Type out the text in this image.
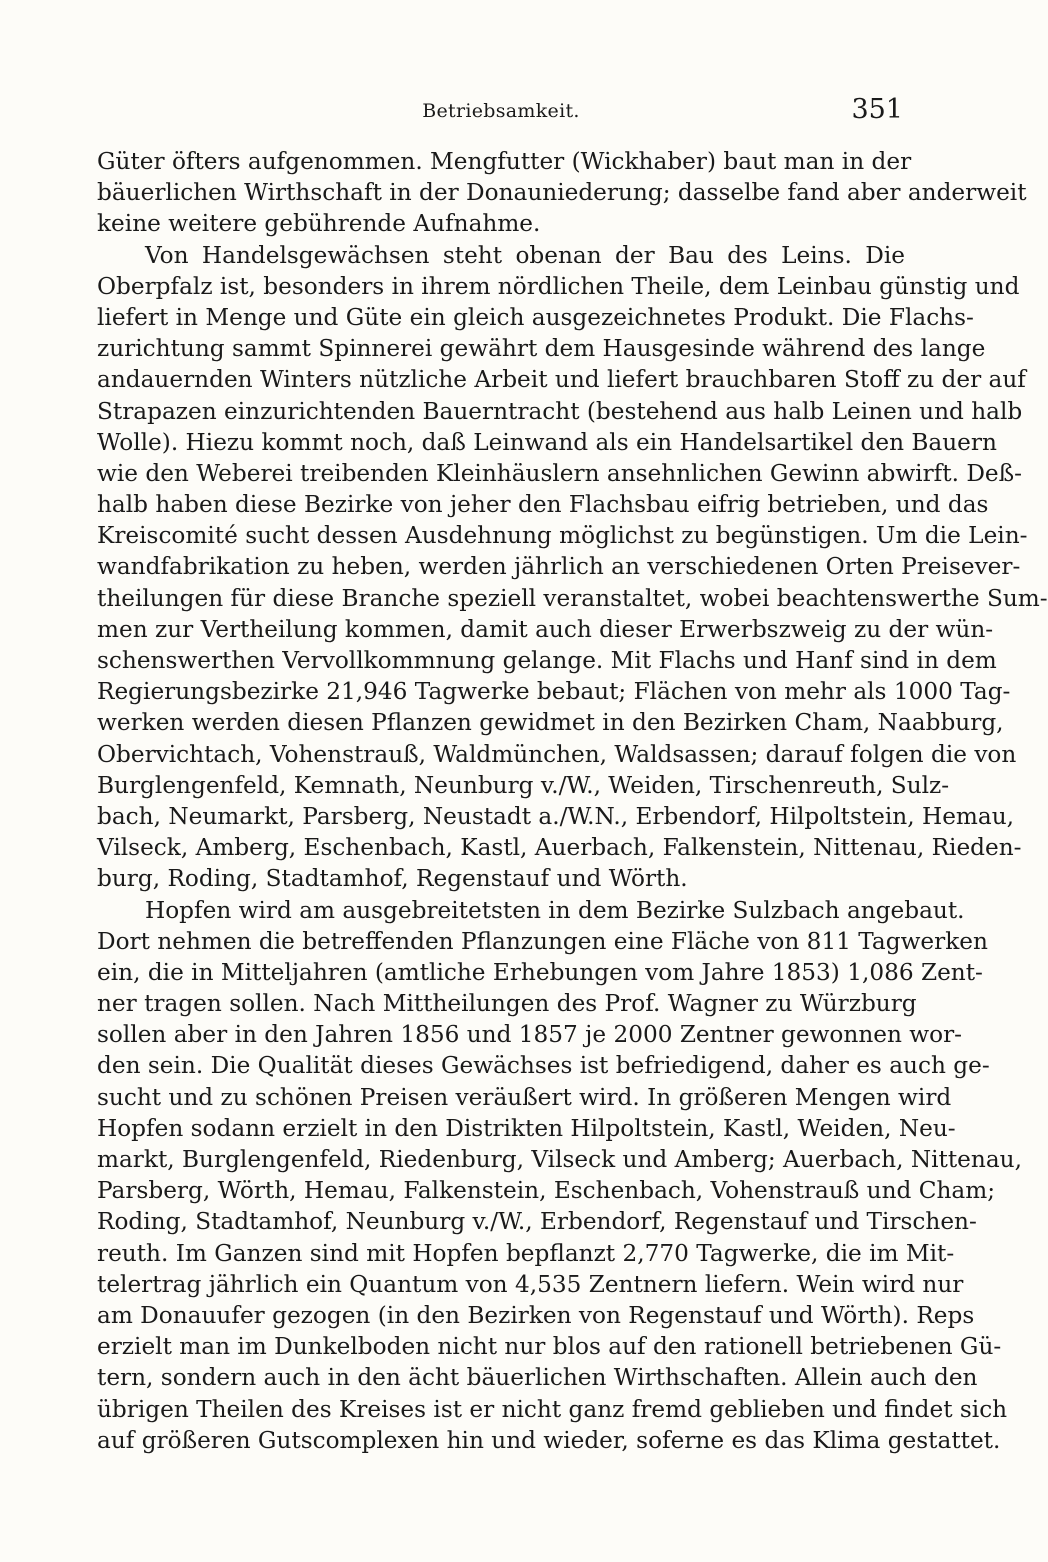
Betriebsamkeit.	351
Güter öfters aufgenommen. Mengfutter (Wickhaber) baut man in der
bäuerlichen Wirthschaft in der Donauniederung; dasselbe fand aber anderweit
keine weitere gebührende Aufnahme.
Von Handelsgewächsen steht obenan der Bau des Leins. Die
Oberpfalz ist, besonders in ihrem nördlichen Theile, dem Leinbau günstig und
liefert in Menge und Güte ein gleich ausgezeichnetes Produkt. Die Flachs-
zurichtung sammt Spinnerei gewährt dem Hausgesinde während des lange
andauernden Winters nützliche Arbeit und liefert brauchbaren Stoff zu der auf
Strapazen einzurichtenden Bauerntracht (bestehend aus halb Leinen und halb
Wolle). Hiezu kommt noch, daß Leinwand als ein Handelsartikel den Bauern
wie den Weberei treibenden Kleinhäuslern ansehnlichen Gewinn abwirft. Deß-
halb haben diese Bezirke von jeher den Flachsbau eifrig betrieben, und das
Kreiscomité sucht dessen Ausdehnung möglichst zu begünstigen. Um die Lein-
wandfabrikation zu heben, werden jährlich an verschiedenen Orten Preisever-
theilungen für diese Branche speziell veranstaltet, wobei beachtenswerthe Sum-
men zur Vertheilung kommen, damit auch dieser Erwerbszweig zu der wün-
schenswerthen Vervollkommnung gelange. Mit Flachs und Hanf sind in dem
Regierungsbezirke 21,946 Tagwerke bebaut; Flächen von mehr als 1000 Tag-
werken werden diesen Pflanzen gewidmet in den Bezirken Cham, Naabburg,
Obervichtach, Vohenstrauß, Waldmünchen, Waldsassen; darauf folgen die von
Burglengenfeld, Kemnath, Neunburg v./W., Weiden, Tirschenreuth, Sulz-
bach, Neumarkt, Parsberg, Neustadt a./W.N., Erbendorf, Hilpoltstein, Hemau,
Vilseck, Amberg, Eschenbach, Kastl, Auerbach, Falkenstein, Nittenau, Rieden-
burg, Roding, Stadtamhof, Regenstauf und Wörth.
Hopfen wird am ausgebreitetsten in dem Bezirke Sulzbach angebaut.
Dort nehmen die betreffenden Pflanzungen eine Fläche von 811 Tagwerken
ein, die in Mitteljahren (amtliche Erhebungen vom Jahre 1853) 1,086 Zent-
ner tragen sollen. Nach Mittheilungen des Prof. Wagner zu Würzburg
sollen aber in den Jahren 1856 und 1857 je 2000 Zentner gewonnen wor-
den sein. Die Qualität dieses Gewächses ist befriedigend, daher es auch ge-
sucht und zu schönen Preisen veräußert wird. In größeren Mengen wird
Hopfen sodann erzielt in den Distrikten Hilpoltstein, Kastl, Weiden, Neu-
markt, Burglengenfeld, Riedenburg, Vilseck und Amberg; Auerbach, Nittenau,
Parsberg, Wörth, Hemau, Falkenstein, Eschenbach, Vohenstrauß und Cham;
Roding, Stadtamhof, Neunburg v./W., Erbendorf, Regenstauf und Tirschen-
reuth. Im Ganzen sind mit Hopfen bepflanzt 2,770 Tagwerke, die im Mit-
telertrag jährlich ein Quantum von 4,535 Zentnern liefern. Wein wird nur
am Donauufer gezogen (in den Bezirken von Regenstauf und Wörth). Reps
erzielt man im Dunkelboden nicht nur blos auf den rationell betriebenen Gü-
tern, sondern auch in den ächt bäuerlichen Wirthschaften. Allein auch den
übrigen Theilen des Kreises ist er nicht ganz fremd geblieben und findet sich
auf größeren Gutscomplexen hin und wieder, soferne es das Klima gestattet.
